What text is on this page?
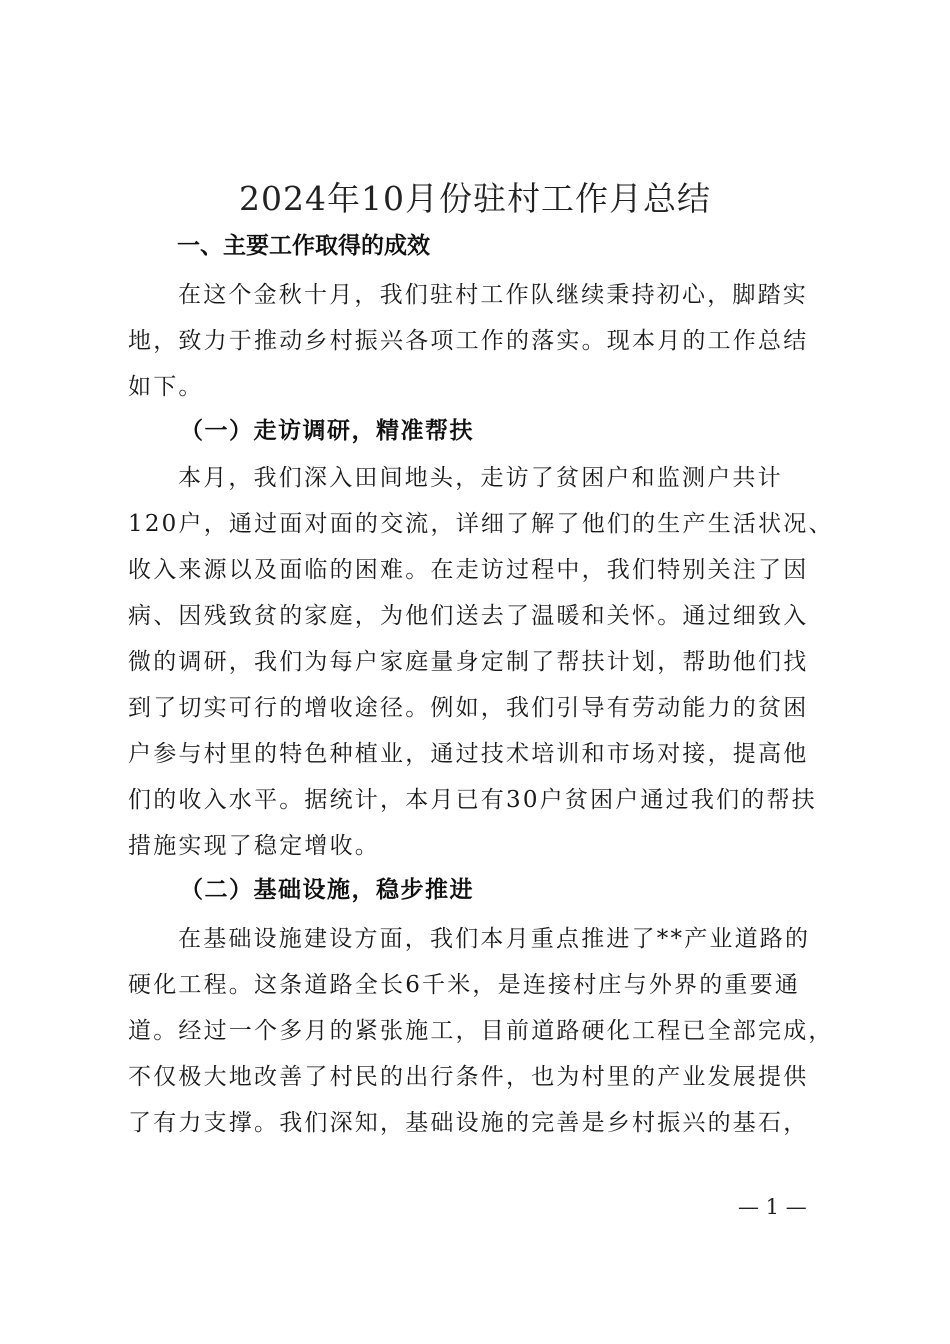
2024年10月份驻村工作月总结
一、主要工作取得的成效
在这个金秋十月，我们驻村工作队继续秉持初心，脚踏实
地，致力于推动乡村振兴各项工作的落实。现本月的工作总结
如下。
（一）走访调研，精准帮扶
本月，我们深入田间地头，走访了贫困户和监测户共计
120户，通过面对面的交流，详细了解了他们的生产生活状况、
收入来源以及面临的困难。在走访过程中，我们特别关注了因
病、因残致贫的家庭，为他们送去了温暖和关怀。通过细致入
微的调研，我们为每户家庭量身定制了帮扶计划，帮助他们找
到了切实可行的增收途径。例如，我们引导有劳动能力的贫困
户参与村里的特色种植业，通过技术培训和市场对接，提高他
们的收入水平。据统计，本月已有30户贫困户通过我们的帮扶
措施实现了稳定增收。
（二）基础设施，稳步推进
在基础设施建设方面，我们本月重点推进了**产业道路的
硬化工程。这条道路全长6千米，是连接村庄与外界的重要通
道。经过一个多月的紧张施工，目前道路硬化工程已全部完成，
不仅极大地改善了村民的出行条件，也为村里的产业发展提供
了有力支撑。我们深知，基础设施的完善是乡村振兴的基石，
— 1 —
